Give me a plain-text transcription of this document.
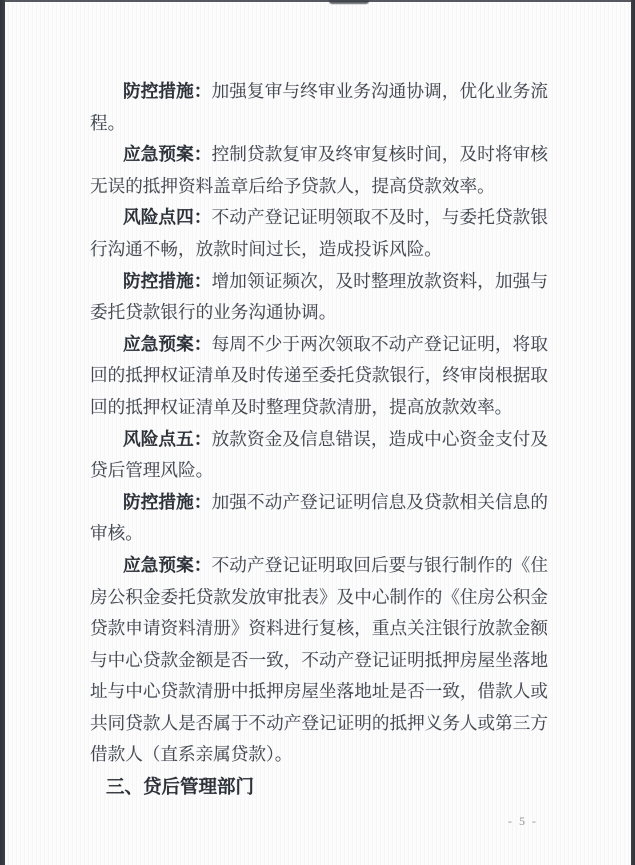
防控措施：加强复审与终审业务沟通协调，优化业务流程。

应急预案：控制贷款复审及终审复核时间，及时将审核无误的抵押资料盖章后给予贷款人，提高贷款效率。

风险点四：不动产登记证明领取不及时，与委托贷款银行沟通不畅，放款时间过长，造成投诉风险。

防控措施：增加领证频次，及时整理放款资料，加强与委托贷款银行的业务沟通协调。

应急预案：每周不少于两次领取不动产登记证明，将取回的抵押权证清单及时传递至委托贷款银行，终审岗根据取回的抵押权证清单及时整理贷款清册，提高放款效率。

风险点五：放款资金及信息错误，造成中心资金支付及贷后管理风险。

防控措施：加强不动产登记证明信息及贷款相关信息的审核。

应急预案：不动产登记证明取回后要与银行制作的《住房公积金委托贷款发放审批表》及中心制作的《住房公积金贷款申请资料清册》资料进行复核，重点关注银行放款金额与中心贷款金额是否一致，不动产登记证明抵押房屋坐落地址与中心贷款清册中抵押房屋坐落地址是否一致，借款人或共同贷款人是否属于不动产登记证明的抵押义务人或第三方借款人（直系亲属贷款）。

三、贷后管理部门
- 5 -
